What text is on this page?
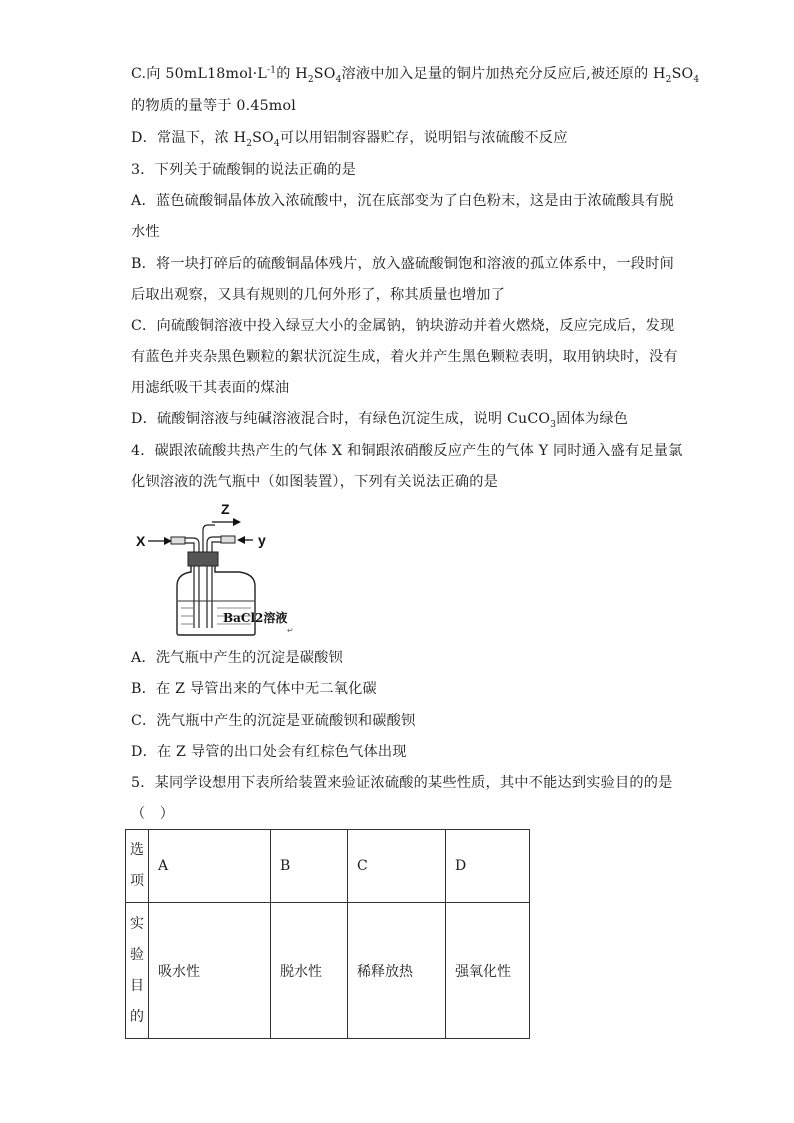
C.向 $50mL18mol\cdot L^{-1}$的 $H_2SO_4$溶液中加入足量的铜片加热充分反应后,被还原的 $H_2SO_4$
的物质的量等于 0.45mol
D．常温下，浓 $H_2SO_4$可以用铝制容器贮存，说明铝与浓硫酸不反应
3．下列关于硫酸铜的说法正确的是
A．蓝色硫酸铜晶体放入浓硫酸中，沉在底部变为了白色粉末，这是由于浓硫酸具有脱
水性
B．将一块打碎后的硫酸铜晶体残片，放入盛硫酸铜饱和溶液的孤立体系中，一段时间
后取出观察，又具有规则的几何外形了，称其质量也增加了
C．向硫酸铜溶液中投入绿豆大小的金属钠，钠块游动并着火燃烧，反应完成后，发现
有蓝色并夹杂黑色颗粒的絮状沉淀生成，着火并产生黑色颗粒表明，取用钠块时，没有
用滤纸吸干其表面的煤油
D．硫酸铜溶液与纯碱溶液混合时，有绿色沉淀生成，说明 CuCO$_3$固体为绿色
4．碳跟浓硫酸共热产生的气体 X 和铜跟浓硝酸反应产生的气体 Y 同时通入盛有足量氯
化钡溶液的洗气瓶中（如图装置），下列有关说法正确的是
Z
X	y
BaCl2溶液
↵
A．洗气瓶中产生的沉淀是碳酸钡
B．在 Z 导管出来的气体中无二氧化碳
C．洗气瓶中产生的沉淀是亚硫酸钡和碳酸钡
D．在 Z 导管的出口处会有红棕色气体出现
5．某同学设想用下表所给装置来验证浓硫酸的某些性质，其中不能达到实验目的的是
（　）
选
项	A	B	C	D

实
验
目
的	吸水性	脱水性	稀释放热	强氧化性
